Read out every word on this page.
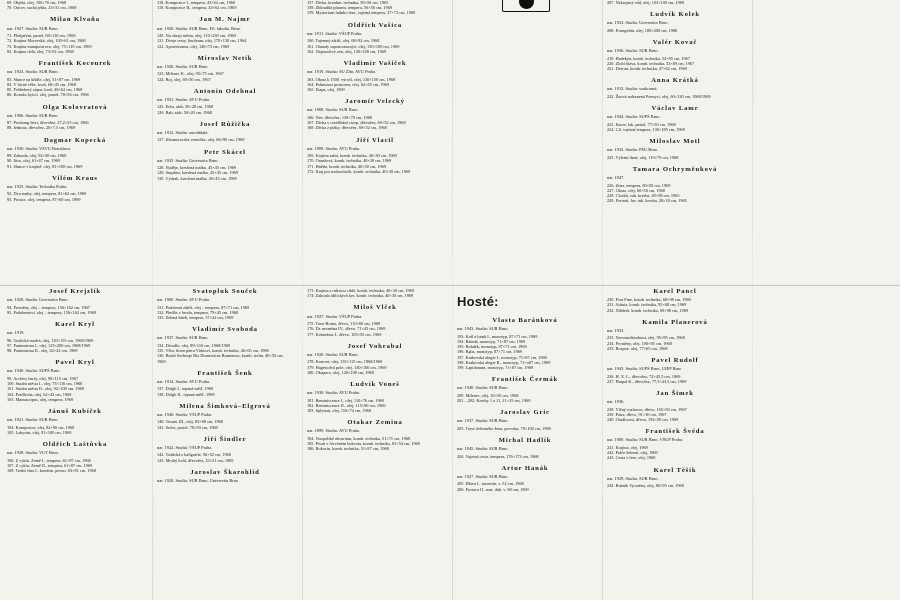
69. Objekt, olej, 100×70 cm, 1968
70. Ostrov, suchá jehla, 23×31 cm, 1968
Milan Klvaňa
nar. 1927. Studia: SUR Brno.
71. Předjaření, pastel, 60×110 cm, 1969
72. Krajina Moravská, olej, 100×61 cm, 1968
73. Krajina manipostrova, olej, 75×110 cm, 1969
82. Krajina oblá, olej, 73×92 cm, 1968
František Kocourek
nar. 1923. Studia: SUR Brno.
83. Slunce na křídle, olej, 51×87 cm, 1969
84. V černé věže, kvaš, 60×45 cm, 1968
85. Feldteberý zápar, kvaš, 48×62 cm, 1968
86. Kousko kyticí, olej, pastel, 70×56 cm, 1968
Olga Kolovratová
nar. 1906. Studia: SUR Brno.
87. Prodrang štvrt, dřevořez, 27,2×25 cm, 1966
88. Jednota, dřevořez, 20×7,5 cm, 1969
Dagmar Kopecká
nar. 1930. Studia: VŠVU Bratislava.
89. Zahrada, olej, 92×50 cm, 1968
90. Jitro, olej, 61×47 cm, 1969
91. Slunce v krajině, olej, 81×100 cm, 1969
Vilém Kraus
nar. 1925. Studia: Technika Praha.
92. Dva snahy, olej, tempera, 81×62 cm, 1969
93. Prostor, olej, tempera, 87×60 cm, 1969
118. Kompozice I., tempera, 43×62 cm, 1960
119. Kompozice II., tempera, 43×62 cm, 1969
Jan M. Najmr
nar. 1920. Studia: SUR Brno, Fil. fakulta, Brno.
120. Na okraji města, olej, 110×230 cm, 1969
121. Dvoje cesty, linoleum, olej, 170×130 cm, 1964
122. Apoteózanou, olej, 140×73 cm, 1969
Miroslav Netík
nar. 1920. Studia: SUR Brno.
123. Milenec K., olej, 95×75 cm, 1967
124. Boj, olej, 80×50 cm, 1967
Antonín Odehnal
nar. 1931. Studia: AVU Praha.
125. Erba, sádr, 50×28 cm, 1968
126. Bab, sádr, 50×20 cm, 1968
Josef Růžička
nar. 1912. Studia: autodidakt.
127. Jihomoravská vesnička, olej, 66×90 cm, 1969
Petr Skácel
nar. 1935. Studia: Univerzita Brno.
128. Naděje, kreslená malba, 45×45 cm, 1969
129. Stupňen, kreslená malba, 45×45 cm, 1969
130. Výdrah, kreslená malba, 45×45 cm, 1969
157. Dívka, kombin. technika, 50×50 cm, 1965
158. Zbloudilá planeta, tempera, 56×50 cm, 1969
159. Mysterium ludnho lesu, vajetná tempera, 37×73 cm, 1969
Oldřich Vašica
nar. 1911. Studia: VŠUP Praha.
160. Tajemný zátiší, olej, 68×92 cm, 1968
161. Oáundy sapomonozajvi, olej, 130×100 cm, 1969
162. Nepraodivý zen, olej, 130×100 cm, 1969
Vladimír Vašíček
nar. 1919. Studia: SU Zlín, AVU Praha.
163. Obraz k 1500. výročí, olej, 130×150 cm, 1968
164. Pohnutost prostoren, olej, 62×45 cm, 1969
165. Etapa, olej, 1969
Jaromír Velecký
nar. 1908. Studia: SUR Brno.
166. Nee, dřevořez, 130×70 cm, 1968
167. Dívka v rozeříhání cizop, dřevořez, 69×52 cm, 1968
168. Dívka z ptáky, dřevořez, 69×52 cm, 1968
Jiří Vlacil
nar. 1908. Studia: AVU Praha.
169. Krajina zahit, komb. technika, 40×30 cm, 1969
170. Oranžová, komb. technika, 40×30 cm, 1969
171. Hnědo, komb. technika, 40×30 cm, 1969
172. Kraj pro melancholii, komb. technika, 40×30 cm, 1969
207. Nekrojený stůl, olej, 103×100 cm, 1969
Ludvík Kolek
nar. 1933. Studia: Univerzita Brno.
208. Evangeliär, olej, 180×200 cm, 1968
Valér Kovač
nar. 1936. Studia: SUR Brno.
219. Hadekýn, komb. technika, 54×95 cm, 1967
220. Zlobí hlava, komb. technika, 33×69 cm, 1967
221. Detvan, komb. technika, 47×62 cm, 1969
Anna Krátká
nar. 1912. Studia: soukromá.
222. Žnová naleznená Poenyci, olej, 60×120 cm, 1968/1969
Václav Lamr
nar. 1943. Studia: SUPŠ Brno.
223. Euroe, lak. pastel, 77×50 cm, 1968
224. Cil, vajetná tempera, 130×185 cm, 1969
Miloslav Motl
nar. 1932. Studia: PŠU Brno.
225. Výletní dané, olej, 110×79 cm, 1968
Tamara Ochryměuková
nar. 1947.
226. Zena, tempera, 80×50 cm, 1969
227. Okraz, olej, 60×50 cm, 1968
228. Closkh, suh. kresba, 28×58 cm, 1965
229. Portrait, lav. tuh. kresba, 28×18 cm, 1965
Josef Krejzlík
nar. 1928. Studia: Univerzita Brno.
94. Proměny, olej – tempera, 156×162 cm, 1967
95. Podobenství, olej – tempera, 156×162 cm, 1969
Karel Kryl
nar. 1919.
96. Grafická modrá, olej, 120×155 cm, 1968/1969
97. Panteonima I., olej, 125×200 cm, 1968/1969
98. Panteonima II., olej, 62×42 cm, 1969
Pavel Kryl
nar. 1940. Studia: SUPŠ Brno.
99. Archivy harfy, olej, 90×115 cm, 1967
100. Studni města I., olej, 73×116 cm, 1968
101. Studni města II., olej, 92×100 cm, 1969
102. Pradlecha, olej, 62×42 cm, 1968
103. Manuscripus, olej, tempera, 1969
Jánuš Kubíček
nar. 1921. Studia: SUR Brno.
104. Kompozice, olej, 82×90 cm, 1968
105. Labyrint, olej, 81×100 cm, 1969
Oldřich Laštůvka
nar. 1928. Studia: VUT Brno.
106. Z cyklu: Země I., tempera, 61×87 cm, 1968
107. Z cyklu: Země II., tempera, 61×87 cm, 1969
108. Vodní vlna I., kombin. pevno, 63×81 cm, 1968
Svatopluk Souček
nar. 1900. Studia: AVU Praha.
131. Podzimní zátiší, olej – tempera, 87×71 cm, 1969
132. Předlis v brodu, tempera, 79×45 cm, 1968
133. Zelená šátek, tempera, 57×42 cm, 1969
Vladimír Svoboda
nar. 1937. Studia: SUR Brno.
134. Divadlo, olej, 89×116 cm, 1968/1969
135. Věra, litem pártu Vídnoví, komb. technika, 46×65 cm, 1968
136. Brash Aerbeoje Ria Domesticus Brunensru, komb. techn. 40×50 cm, 1969
František Šenk
nar. 1914. Studia: AVU Praha.
137. Dolgh I., tepaná měď, 1969
138. Dolgh II., tepaná měď, 1969
Milena Šimková–Elgrová
nar. 1940. Studia: VŠUP Praha.
140. Vesmír III., olej, 83×68 cm, 1968
141. Srdce, pastel, 70×50 cm, 1969
Jiří Šindler
nar. 1922. Studia: VŠUP Praha.
142. Vodácká z kaligrafie, 56×52 cm, 1960
143. Modrý kvůl, dřevořez, 33×21 cm, 1969
Jaroslav Škarohlíd
nar. 1920. Studia: SUR Brno, Univerzita Brno.
173. Krajina s rašistou ciklé, komb. technika, 40×30 cm, 1969
174. Zahrada idilických ker, komb. technika, 40×30 cm, 1969
Miloš Vlček
nar. 1927. Studia: VŠUP Praha.
175. Torst Homo, dřevo, 110×60 cm, 1968
176. Dr. nesměna IV., dřevo, 71×45 cm, 1969
177. Kolumbus I., dřevo, 105×55 cm, 1969
Josef Vohrabal
nar. 1920. Studia: SUR Brno.
178. Koncert, olej, 135×115 cm, 1968/1969
179. Hagestolvá pole, olej, 130×100 cm, 1969
180. Okupace, olej, 120×100 cm, 1969
Ludvík Voneš
nar. 1930. Studia: AVU Praha.
181. Reminiscence I., olej, 110×76 cm, 1969
182. Reminiscence II., olej, 115×90 cm, 1969
183. Splynuti, olej, 116×74 cm, 1968
Otakar Zemina
nar. 1899. Studia: AVU Praha.
184. Naopolské akvarium, komb. technika, 51×71 cm, 1968
185. Písati v červeném bokvatu, komb. technika, 81×54 cm, 1969
186. Rokosin, komb. technika, 51×87 cm, 1968
Hosté:
Vlasta Baránková
nar. 1943. Studia: SUR Brno.
193. Král a lutnk I., monotyp, 87×71 cm, 1969
194. Balada, monotyp, 71×87 cm, 1969
195. Bohdek, monotyp, 87×71 cm, 1969
196. Bąba, monotyp, 87×71 cm, 1969
197. Krakovská alegie I., monotyp, 71×87 cm, 1969
198. Krakovská alegie II., monotyp, 71×x87 cm, 1969
199. Lapidonum, monotyp, 71×87 cm, 1969
František Čermák
nar. 1940. Studia: SUR Brno.
200. Milenec, olej, 35×50 cm, 1968
201. –202. Kresby 1 a 11, 21×15 cm, 1969
Jaroslav Gric
nar. 1937. Studia: SUR Brno.
203. Torse železného žena, provoka, 70×100 cm, 1969
Michal Hadlík
nar. 1945. Studia: SUR Brno.
204. Vajetná cesta, tempera, 176×173 cm, 1968
Artur Hanák
nar. 1927. Studia: SUR Brno.
205. Hlava I., travertin, v. 52 cm, 1968
206. Postava II., mat. dub, v. 68 cm, 1969
Karel Pancl
230. Fear Fine, komb. technika, 68×98 cm, 1969
231. Adasia, komb. technika, 95×68 cm, 1969
232. Nábřeži, komb. technika, 69×98 cm, 1969
Kamila Planerová
nar. 1933.
233. Novoumřímdnost, olej, 95×85 cm, 1968
234. Proměny, olej, 100×85 cm, 1968
235. Rozpoe, olej, 77×65 cm, 1968
Pavel Rudolf
nar. 1943. Studia: SUPŠ Brno, UJEP Brno
236. H. X. L., dřevořez, 72×45,5 cm, 1969
237. Harpal K., dřevořez, 77,5×43,5 cm, 1969
Jan Šimek
nar. 1936.
238. Vlčný rozhovor, dřevo, 165×50 cm, 1967
239. Patra, dřevo, 91×30 cm, 1967
240. Oradlorost, dřevo, 192×50 cm, 1969
František Švéda
nar. 1900. Studia: SUR Brno, VŠUP Praha.
241. Krajina, olej, 1969
242. Práče železní, olej, 1969
243. Cesta v lese, olej, 1968
Karel Těšík
nar. 1929. Studia: SUR Brno.
244. Rubník Vysotěny, olej, 80×95 cm, 1968
